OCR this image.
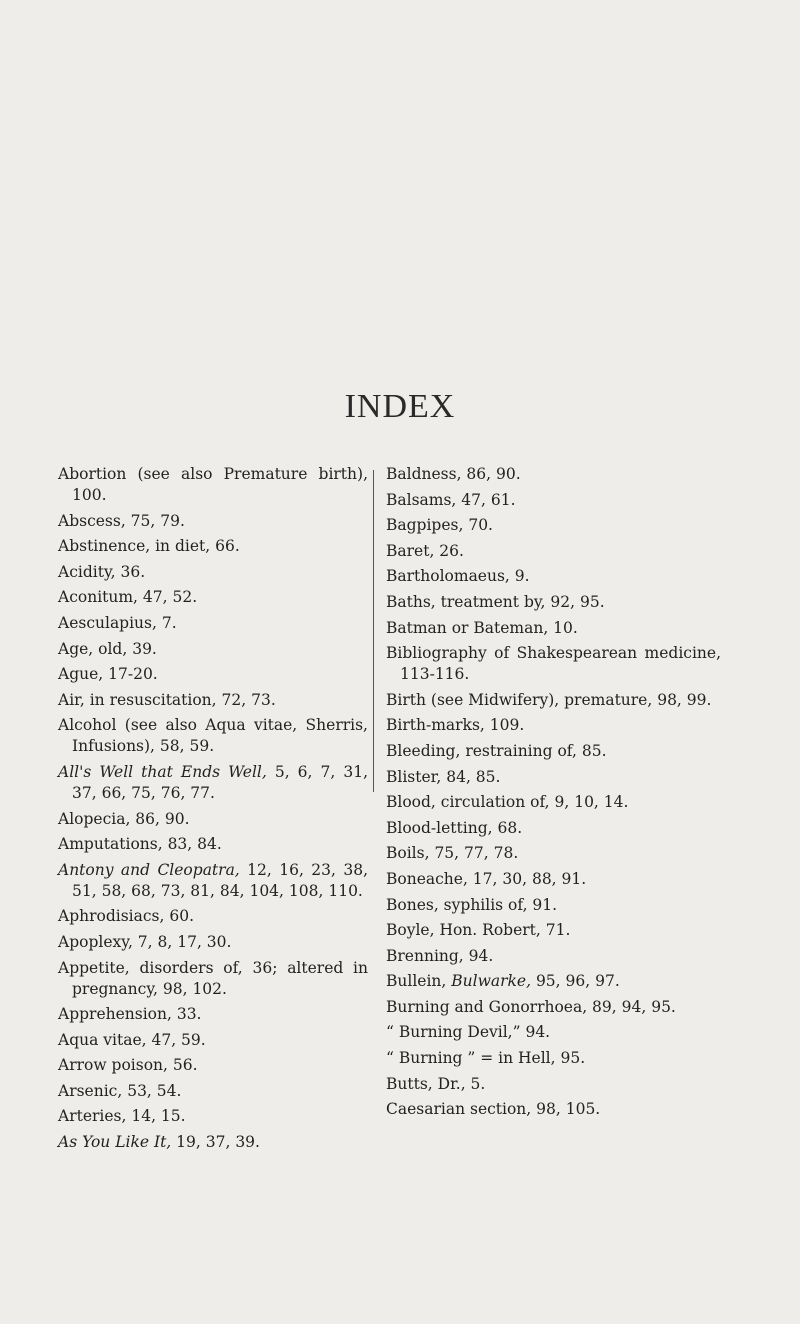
INDEX

Abortion (see also Premature birth), 100.

Abscess, 75, 79.

Abstinence, in diet, 66.

Acidity, 36.

Aconitum, 47, 52.

Aesculapius, 7.

Age, old, 39.

Ague, 17-20.

Air, in resuscitation, 72, 73.

Alcohol (see also Aqua vitae, Sherris, Infusions), 58, 59.

All's Well that Ends Well, 5, 6, 7, 31, 37, 66, 75, 76, 77.

Alopecia, 86, 90.

Amputations, 83, 84.

Antony and Cleopatra, 12, 16, 23, 38, 51, 58, 68, 73, 81, 84, 104, 108, 110.

Aphrodisiacs, 60.

Apoplexy, 7, 8, 17, 30.

Appetite, disorders of, 36; altered in pregnancy, 98, 102.

Apprehension, 33.

Aqua vitae, 47, 59.

Arrow poison, 56.

Arsenic, 53, 54.

Arteries, 14, 15.

As You Like It, 19, 37, 39.

Baldness, 86, 90.

Balsams, 47, 61.

Bagpipes, 70.

Baret, 26.

Bartholomaeus, 9.

Baths, treatment by, 92, 95.

Batman or Bateman, 10.

Bibliography of Shakespearean medicine, 113-116.

Birth (see Midwifery), premature, 98, 99.

Birth-marks, 109.

Bleeding, restraining of, 85.

Blister, 84, 85.

Blood, circulation of, 9, 10, 14.

Blood-letting, 68.

Boils, 75, 77, 78.

Boneache, 17, 30, 88, 91.

Bones, syphilis of, 91.

Boyle, Hon. Robert, 71.

Brenning, 94.

Bullein, Bulwarke, 95, 96, 97.

Burning and Gonorrhoea, 89, 94, 95.

“ Burning Devil,” 94.

“ Burning ” = in Hell, 95.

Butts, Dr., 5.

Caesarian section, 98, 105.
